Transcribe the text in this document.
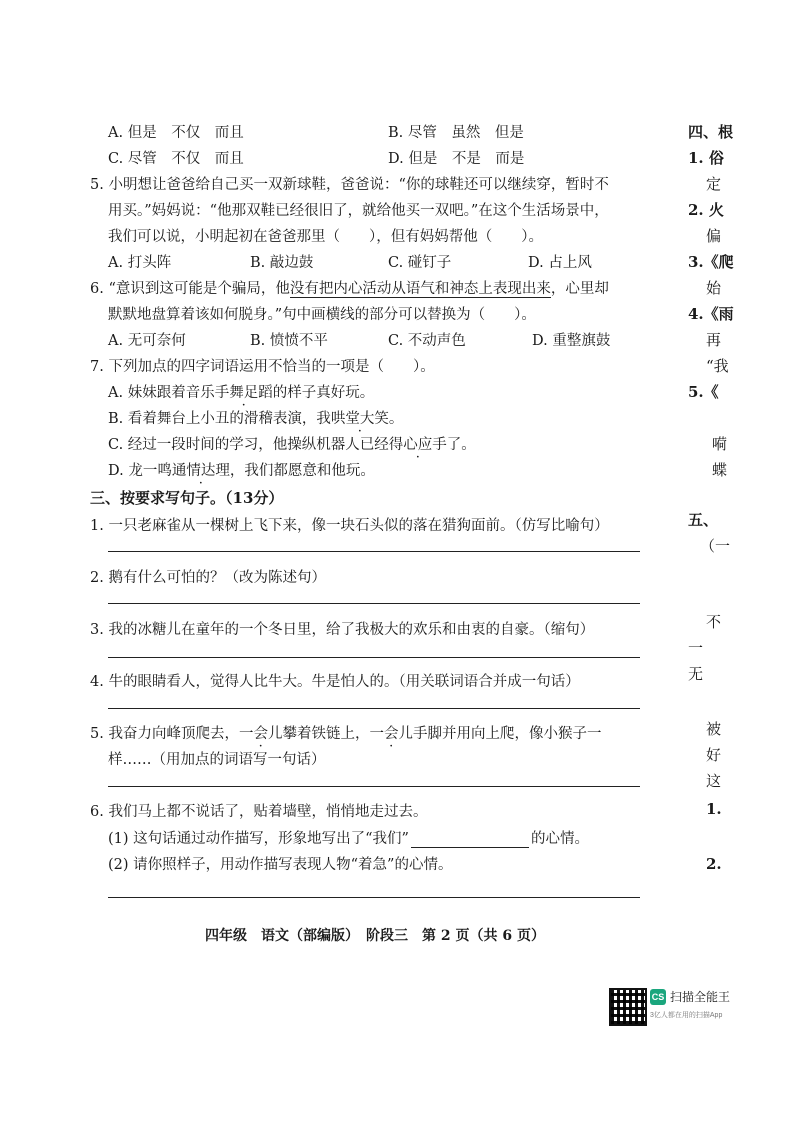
A. 但是　不仅　而且	B. 尽管　虽然　但是
C. 尽管　不仅　而且	D. 但是　不是　而是
5. 小明想让爸爸给自己买一双新球鞋，爸爸说：“你的球鞋还可以继续穿，暂时不
用买。”妈妈说：“他那双鞋已经很旧了，就给他买一双吧。”在这个生活场景中，
我们可以说，小明起初在爸爸那里（　　），但有妈妈帮他（　　）。
A. 打头阵	B. 敲边鼓	C. 碰钉子	D. 占上风
6. “意识到这可能是个骗局，他没有把内心活动从语气和神态上表现出来，心里却
默默地盘算着该如何脱身。”句中画横线的部分可以替换为（　　）。
A. 无可奈何	B. 愤愤不平	C. 不动声色	D. 重整旗鼓
7. 下列加点的四字词语运用不恰当的一项是（　　）。
A. 妹妹跟着音乐手舞足蹈的样子真好玩。
B. 看着舞台上小丑的滑稽表演，我哄堂大笑。
C. 经过一段时间的学习，他操纵机器人已经得心应手了。
D. 龙一鸣通情达理，我们都愿意和他玩。
三、按要求写句子。（13分）
1. 一只老麻雀从一棵树上飞下来，像一块石头似的落在猎狗面前。（仿写比喻句）
2. 鹅有什么可怕的？（改为陈述句）
3. 我的冰糖儿在童年的一个冬日里，给了我极大的欢乐和由衷的自豪。（缩句）
4. 牛的眼睛看人，觉得人比牛大。牛是怕人的。（用关联词语合并成一句话）
5. 我奋力向峰顶爬去，一会儿攀着铁链上，一会儿手脚并用向上爬，像小猴子一
样……（用加点的词语写一句话）
6. 我们马上都不说话了，贴着墙壁，悄悄地走过去。
(1) 这句话通过动作描写，形象地写出了“我们”	的心情。
(2) 请你照样子，用动作描写表现人物“着急”的心情。
四年级　语文（部编版）　阶段三　第 2 页（共 6 页）
四、根
1. 俗
定
2. 火
偏
3.《爬
始
4.《雨
再
“我
5.《
嗬
蝶
五、
（一
不
一
无
被
好
这
1.
2.
CS 扫描全能王
3亿人都在用的扫描App
